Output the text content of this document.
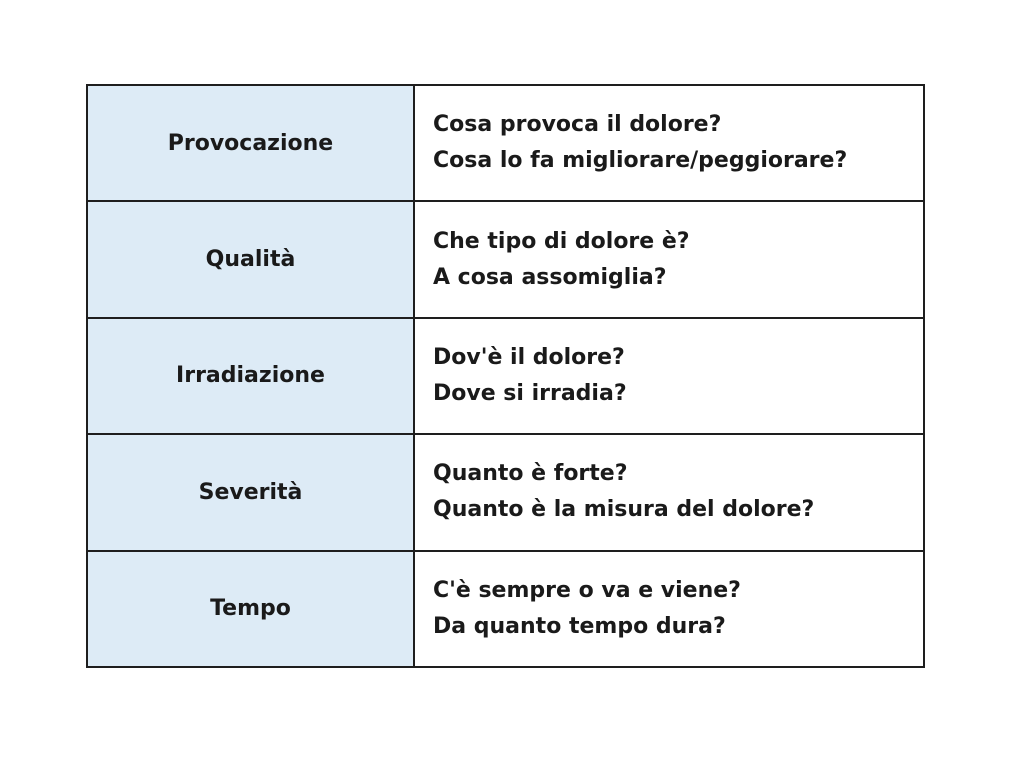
Provocazione	Cosa provoca il dolore?
Cosa lo fa migliorare/peggiorare?

Qualità	Che tipo di dolore è?
A cosa assomiglia?

Irradiazione	Dov'è il dolore?
Dove si irradia?

Severità	Quanto è forte?
Quanto è la misura del dolore?

Tempo	C'è sempre o va e viene?
Da quanto tempo dura?
